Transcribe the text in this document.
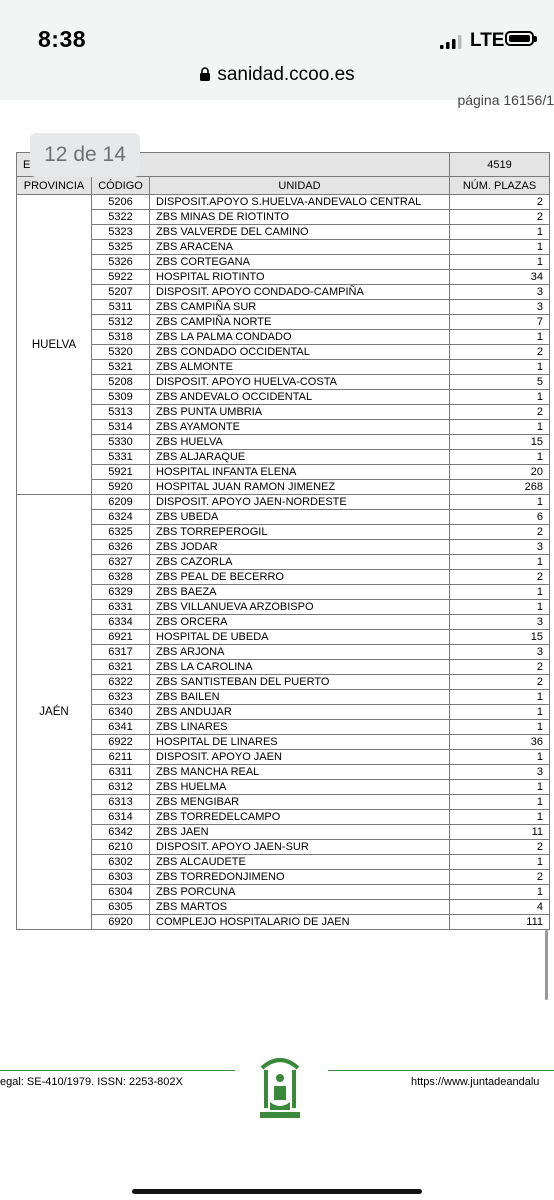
8:38	LTE
sanidad.ccoo.es
página 16156/1
12 de 14
E			4519
PROVINCIA	CÓDIGO	UNIDAD	NÚM. PLAZAS
HUELVA	5206	DISPOSIT.APOYO S.HUELVA-ANDEVALO CENTRAL	2
	5322	ZBS MINAS DE RIOTINTO	2
	5323	ZBS VALVERDE DEL CAMINO	1
	5325	ZBS ARACENA	1
	5326	ZBS CORTEGANA	1
	5922	HOSPITAL RIOTINTO	34
	5207	DISPOSIT. APOYO CONDADO-CAMPIÑA	3
	5311	ZBS CAMPIÑA SUR	3
	5312	ZBS CAMPIÑA NORTE	7
	5318	ZBS LA PALMA CONDADO	1
	5320	ZBS CONDADO OCCIDENTAL	2
	5321	ZBS ALMONTE	1
	5208	DISPOSIT. APOYO HUELVA-COSTA	5
	5309	ZBS ANDEVALO OCCIDENTAL	1
	5313	ZBS PUNTA UMBRIA	2
	5314	ZBS AYAMONTE	1
	5330	ZBS HUELVA	15
	5331	ZBS ALJARAQUE	1
	5921	HOSPITAL INFANTA ELENA	20
	5920	HOSPITAL JUAN RAMON JIMENEZ	268
JAÉN	6209	DISPOSIT. APOYO JAEN-NORDESTE	1
	6324	ZBS UBEDA	6
	6325	ZBS TORREPEROGIL	2
	6326	ZBS JODAR	3
	6327	ZBS CAZORLA	1
	6328	ZBS PEAL DE BECERRO	2
	6329	ZBS BAEZA	1
	6331	ZBS VILLANUEVA ARZOBISPO	1
	6334	ZBS ORCERA	3
	6921	HOSPITAL DE UBEDA	15
	6317	ZBS ARJONA	3
	6321	ZBS LA CAROLINA	2
	6322	ZBS SANTISTEBAN DEL PUERTO	2
	6323	ZBS BAILEN	1
	6340	ZBS ANDUJAR	1
	6341	ZBS LINARES	1
	6922	HOSPITAL DE LINARES	36
	6211	DISPOSIT. APOYO JAEN	1
	6311	ZBS MANCHA REAL	3
	6312	ZBS HUELMA	1
	6313	ZBS MENGIBAR	1
	6314	ZBS TORREDELCAMPO	1
	6342	ZBS JAEN	11
	6210	DISPOSIT. APOYO JAEN-SUR	2
	6302	ZBS ALCAUDETE	1
	6303	ZBS TORREDONJIMENO	2
	6304	ZBS PORCUNA	1
	6305	ZBS MARTOS	4
	6920	COMPLEJO HOSPITALARIO DE JAEN	111
egal: SE-410/1979. ISSN: 2253-802X	https://www.juntadeandalu
